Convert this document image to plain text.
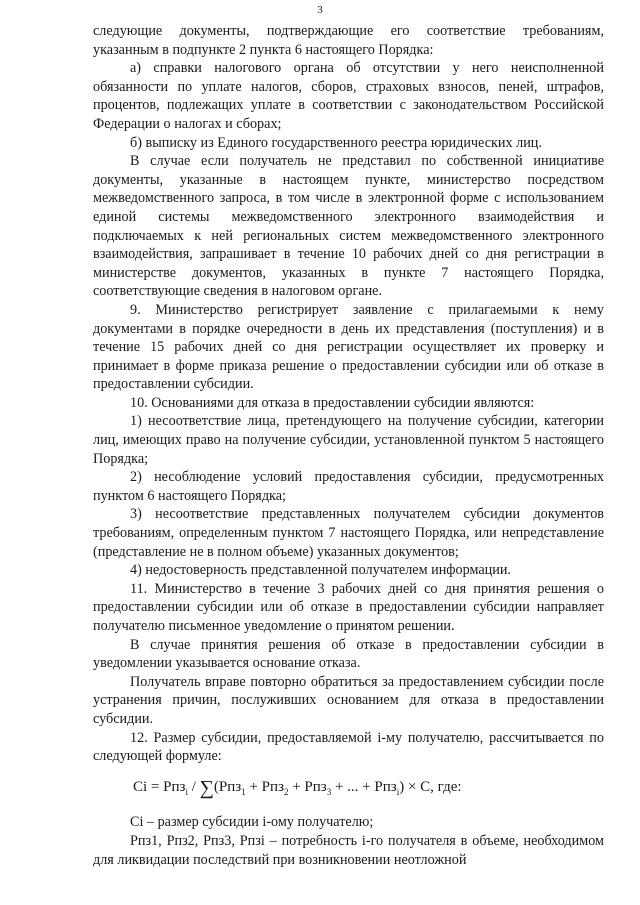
3

следующие документы, подтверждающие его соответствие требованиям, указанным в подпункте 2 пункта 6 настоящего Порядка:

а) справки налогового органа об отсутствии у него неисполненной обязанности по уплате налогов, сборов, страховых взносов, пеней, штрафов, процентов, подлежащих уплате в соответствии с законодательством Российской Федерации о налогах и сборах;

б) выписку из Единого государственного реестра юридических лиц.

В случае если получатель не представил по собственной инициативе документы, указанные в настоящем пункте, министерство посредством межведомственного запроса, в том числе в электронной форме с использованием единой системы межведомственного электронного взаимодействия и подключаемых к ней региональных систем межведомственного электронного взаимодействия, запрашивает в течение 10 рабочих дней со дня регистрации в министерстве документов, указанных в пункте 7 настоящего Порядка, соответствующие сведения в налоговом органе.

9. Министерство регистрирует заявление с прилагаемыми к нему документами в порядке очередности в день их представления (поступления) и в течение 15 рабочих дней со дня регистрации осуществляет их проверку и принимает в форме приказа решение о предоставлении субсидии или об отказе в предоставлении субсидии.

10. Основаниями для отказа в предоставлении субсидии являются:

1) несоответствие лица, претендующего на получение субсидии, категории лиц, имеющих право на получение субсидии, установленной пунктом 5 настоящего Порядка;

2) несоблюдение условий предоставления субсидии, предусмотренных пунктом 6 настоящего Порядка;

3) несоответствие представленных получателем субсидии документов требованиям, определенным пунктом 7 настоящего Порядка, или непредставление (представление не в полном объеме) указанных документов;

4) недостоверность представленной получателем информации.

11. Министерство в течение 3 рабочих дней со дня принятия решения о предоставлении субсидии или об отказе в предоставлении субсидии направляет получателю письменное уведомление о принятом решении.

В случае принятия решения об отказе в предоставлении субсидии в уведомлении указывается основание отказа.

Получатель вправе повторно обратиться за предоставлением субсидии после устранения причин, послуживших основанием для отказа в предоставлении субсидии.

12. Размер субсидии, предоставляемой i-му получателю, рассчитывается по следующей формуле:

Ci = Рпз$_i$ / ∑(Рпз$_1$ + Рпз$_2$ + Рпз$_3$ + ... + Рпз$_i$) × С, где:

Ci – размер субсидии i-ому получателю;

Рпз1, Рпз2, Рпз3, Рпзi – потребность i-го получателя в объеме, необходимом для ликвидации последствий при возникновении неотложной
